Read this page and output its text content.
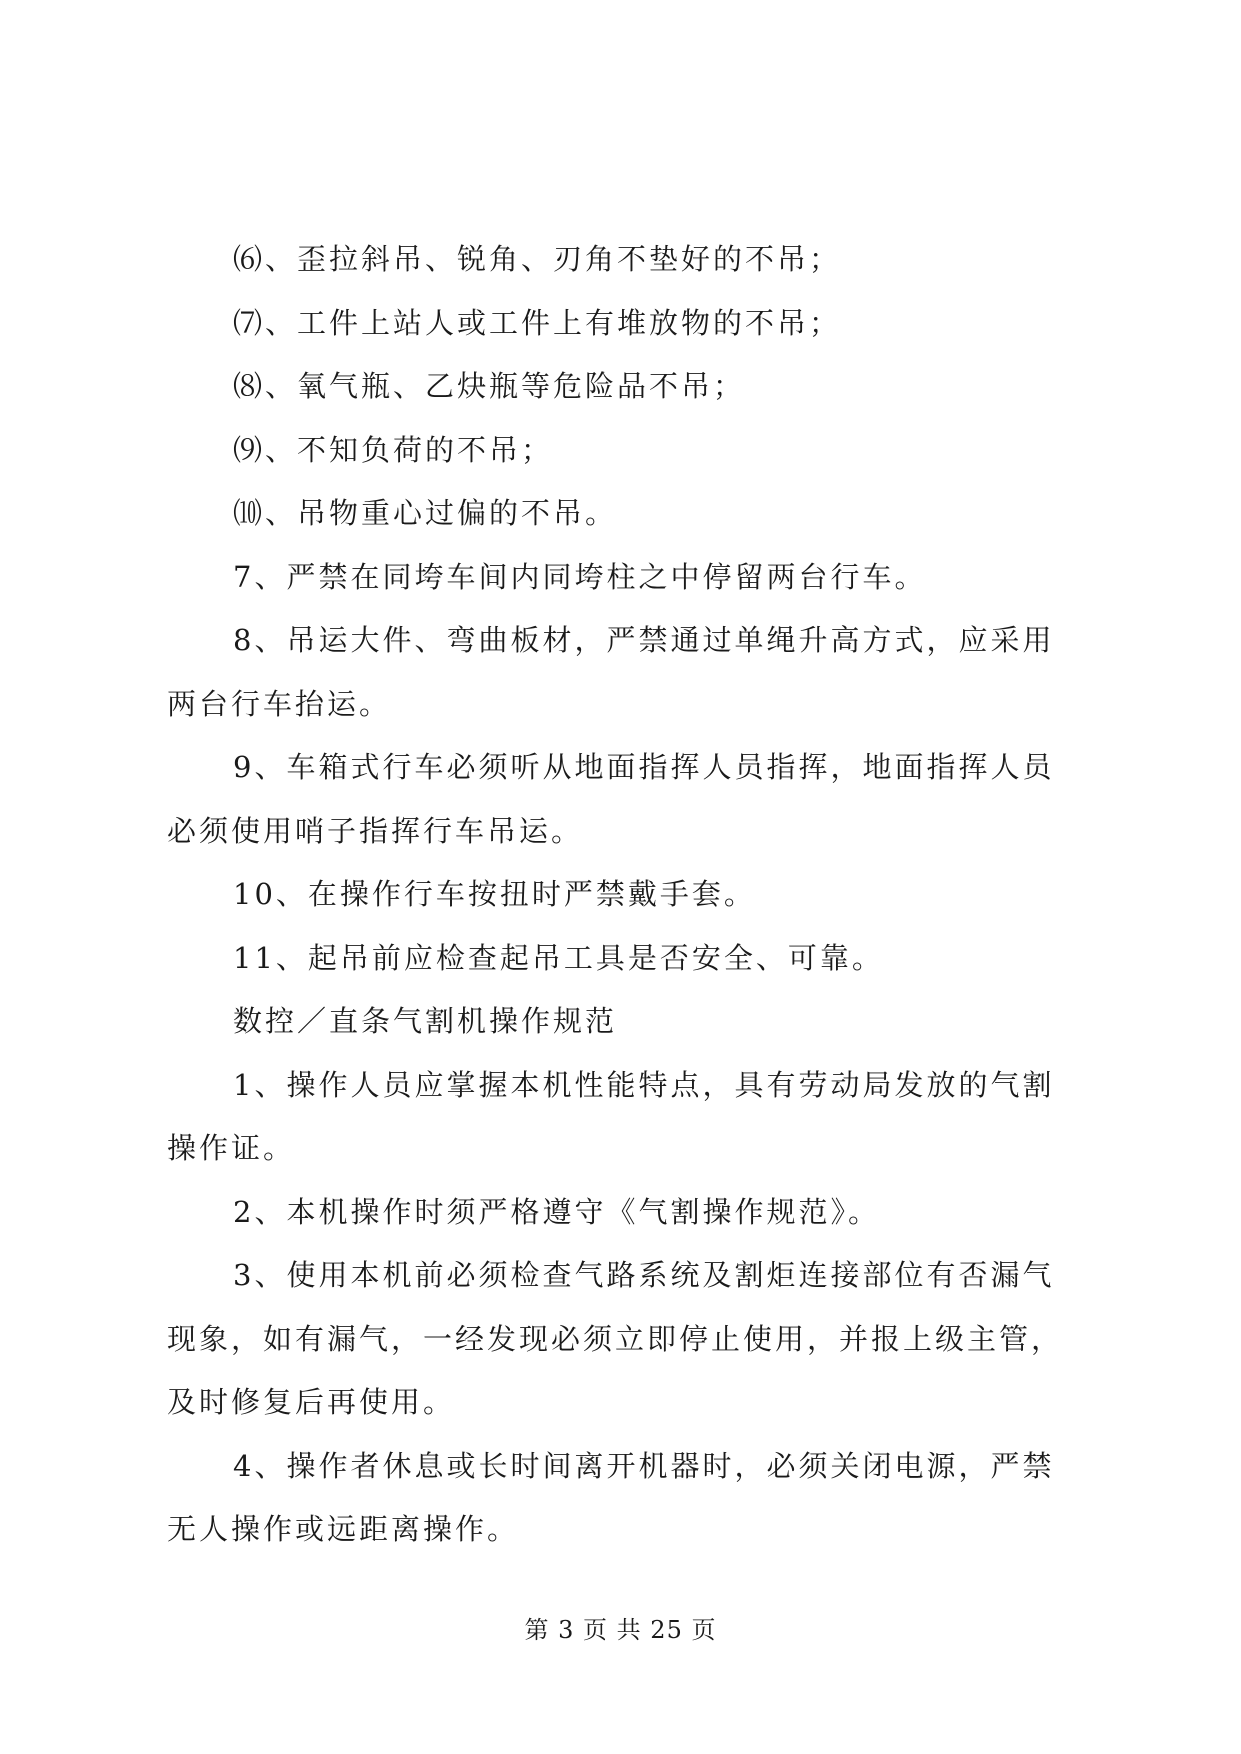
⑹、歪拉斜吊、锐角、刃角不垫好的不吊；

⑺、工件上站人或工件上有堆放物的不吊；

⑻、氧气瓶、乙炔瓶等危险品不吊；

⑼、不知负荷的不吊；

⑽、吊物重心过偏的不吊。

7、严禁在同垮车间内同垮柱之中停留两台行车。

8、吊运大件、弯曲板材，严禁通过单绳升高方式，应采用两台行车抬运。

9、车箱式行车必须听从地面指挥人员指挥，地面指挥人员必须使用哨子指挥行车吊运。

10、在操作行车按扭时严禁戴手套。

11、起吊前应检查起吊工具是否安全、可靠。

数控／直条气割机操作规范

1、操作人员应掌握本机性能特点，具有劳动局发放的气割操作证。

2、本机操作时须严格遵守《气割操作规范》。

3、使用本机前必须检查气路系统及割炬连接部位有否漏气现象，如有漏气，一经发现必须立即停止使用，并报上级主管，及时修复后再使用。

4、操作者休息或长时间离开机器时，必须关闭电源，严禁无人操作或远距离操作。

第 3 页 共 25 页
